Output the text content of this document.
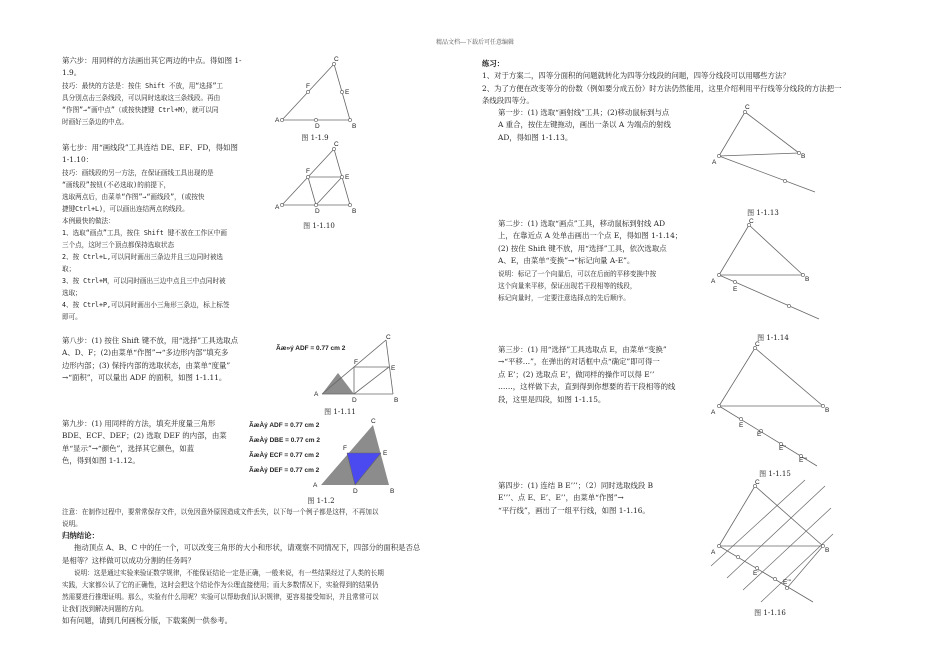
精品文档---下载后可任意编辑

第六步：用同样的方法画出其它两边的中点。得如图 1-

1.9。

技巧：最快的方法是：按住 Shift 不放，用“选择”工

具分别点击三条线段，可以同时选取这三条线段。再由

“作图”→“画中点”（或按快捷键 Ctrl+M），就可以同

时画好三条边的中点。

第七步：用“画线段”工具连结 DE、EF、FD，得如图

1-1.10：

技巧：画线段的另一方法，在保证画线工具出现的是

“画线段”按钮(不必选取)的前提下，

选取两点后，由菜单“作图”→“画线段”，(或按快

捷键Ctrl+L)，可以画出连结两点的线段。

本例最快的做法：

1、选取“画点”工具，按住 Shift 键不放在工作区中画

三个点，这时三个顶点都保持选取状态

2、按 Ctrl+L,可以同时画出三条边并且三边同时被选

取；

3、按 Ctrl+M，可以同时画出三边中点且三中点同时被

选取；

4、按 Ctrl+P,可以同时画出小三角形三条边，标上标签

即可。

第八步：(1) 按住 Shift 键不放，用“选择”工具选取点

A、D、F；(2)由菜单“作图”→“多边形内部”填充多

边形内部；(3) 保持内部的选取状态，由菜单“度量”

→“面积”，可以量出 ADF 的面积，如图 1-1.11。

第九步：(1) 用同样的方法，填充并度量三角形

BDE、ECF、DEF；(2) 选取 DEF 的内部，由菜

单“显示”→“颜色”，选择其它颜色，如蓝

色，得到如图 1-1.12。

注意：在制作过程中，要常常保存文件，以免因意外原因造成文件丢失，以下每一个例子都是这样，不再加以

说明。

归纳结论：

拖动顶点 A、B、C 中的任一个，可以改变三角形的大小和形状，请观察不同情况下，四部分的面积是否总

是相等？这样做可以成功分割的任务吗？

说明：这是通过实验来验证数学规律，不能保证结论一定是正确，一般来说，有一些结果经过了人类的长期

实践，大家都公认了它的正确性，这时会把这个结论作为公理直接使用；而大多数情况下，实验得到的结果仍

然需要进行推理证明。那么，实验有什么用呢？实验可以帮助我们认识规律，更容易接受知识，并且常常可以

让我们找到解决问题的方向。

如有问题，请到几何画板分版，下载案例一供参考。

A
B
C
D
E
F
图 1-1.9
A
B
C
D
E
F
图 1-1.10
Ãæ»ý ADF = 0.77 cm 2
A
B
C
D
E
F
图 1-1.11
ÃæÀý ADF = 0.77 cm 2
ÃæÀý DBE = 0.77 cm 2
ÃæÀý ECF = 0.77 cm 2
ÃæÀý DEF = 0.77 cm 2
A
B
C
D
E
F
图 1-1.2

练习：

1、对于方案二，四等分面积的问题就转化为四等分线段的问题，四等分线段可以用哪些方法？

2、为了方便在改变等分的份数（例如要分成五份）时方法仍然能用，这里介绍利用平行线等分线段的方法把一

条线段四等分。

第一步：(1) 选取“画射线”工具；(2)移动鼠标到与点

A 重合，按住左键拖动，画出一条以 A 为端点的射线

AD，得如图 1-1.13。

第二步：(1) 选取“画点”工具，移动鼠标到射线 AD

上，在靠近点 A 处单击画出一个点 E，得如图 1-1.14；

(2) 按住 Shift 键不放，用“选择”工具，依次选取点

A、E，由菜单“变换”→“标记向量 A-E”。

说明：标记了一个向量后，可以在后面的平移变换中按

这个向量来平移，保证出现若干段相等的线段，

标记向量时，一定要注意选择点的先后顺序。

第三步：(1) 用“选择”工具选取点 E，由菜单“变换”

→“平移…”，在弹出的对话框中点“确定”即可得一

点 E’；(2) 选取点 E’，做同样的操作可以得 E’’

……，这样做下去，直到得到你想要的若干段相等的线

段，这里是四段，如图 1-1.15。

第四步：(1) 连结 B E’’’；（2）同时选取线段 B

E’’’、点 E、E’、E’’，由菜单“作图”→

“平行线”，画出了一组平行线，如图 1-1.16。

A
B
C
图 1-1.13
A	B
C
E
图 1-1.14
A	B
C
E
E'
E''
E'''
图 1-1.15
A	B
C
E'
E'''
图 1-1.16
